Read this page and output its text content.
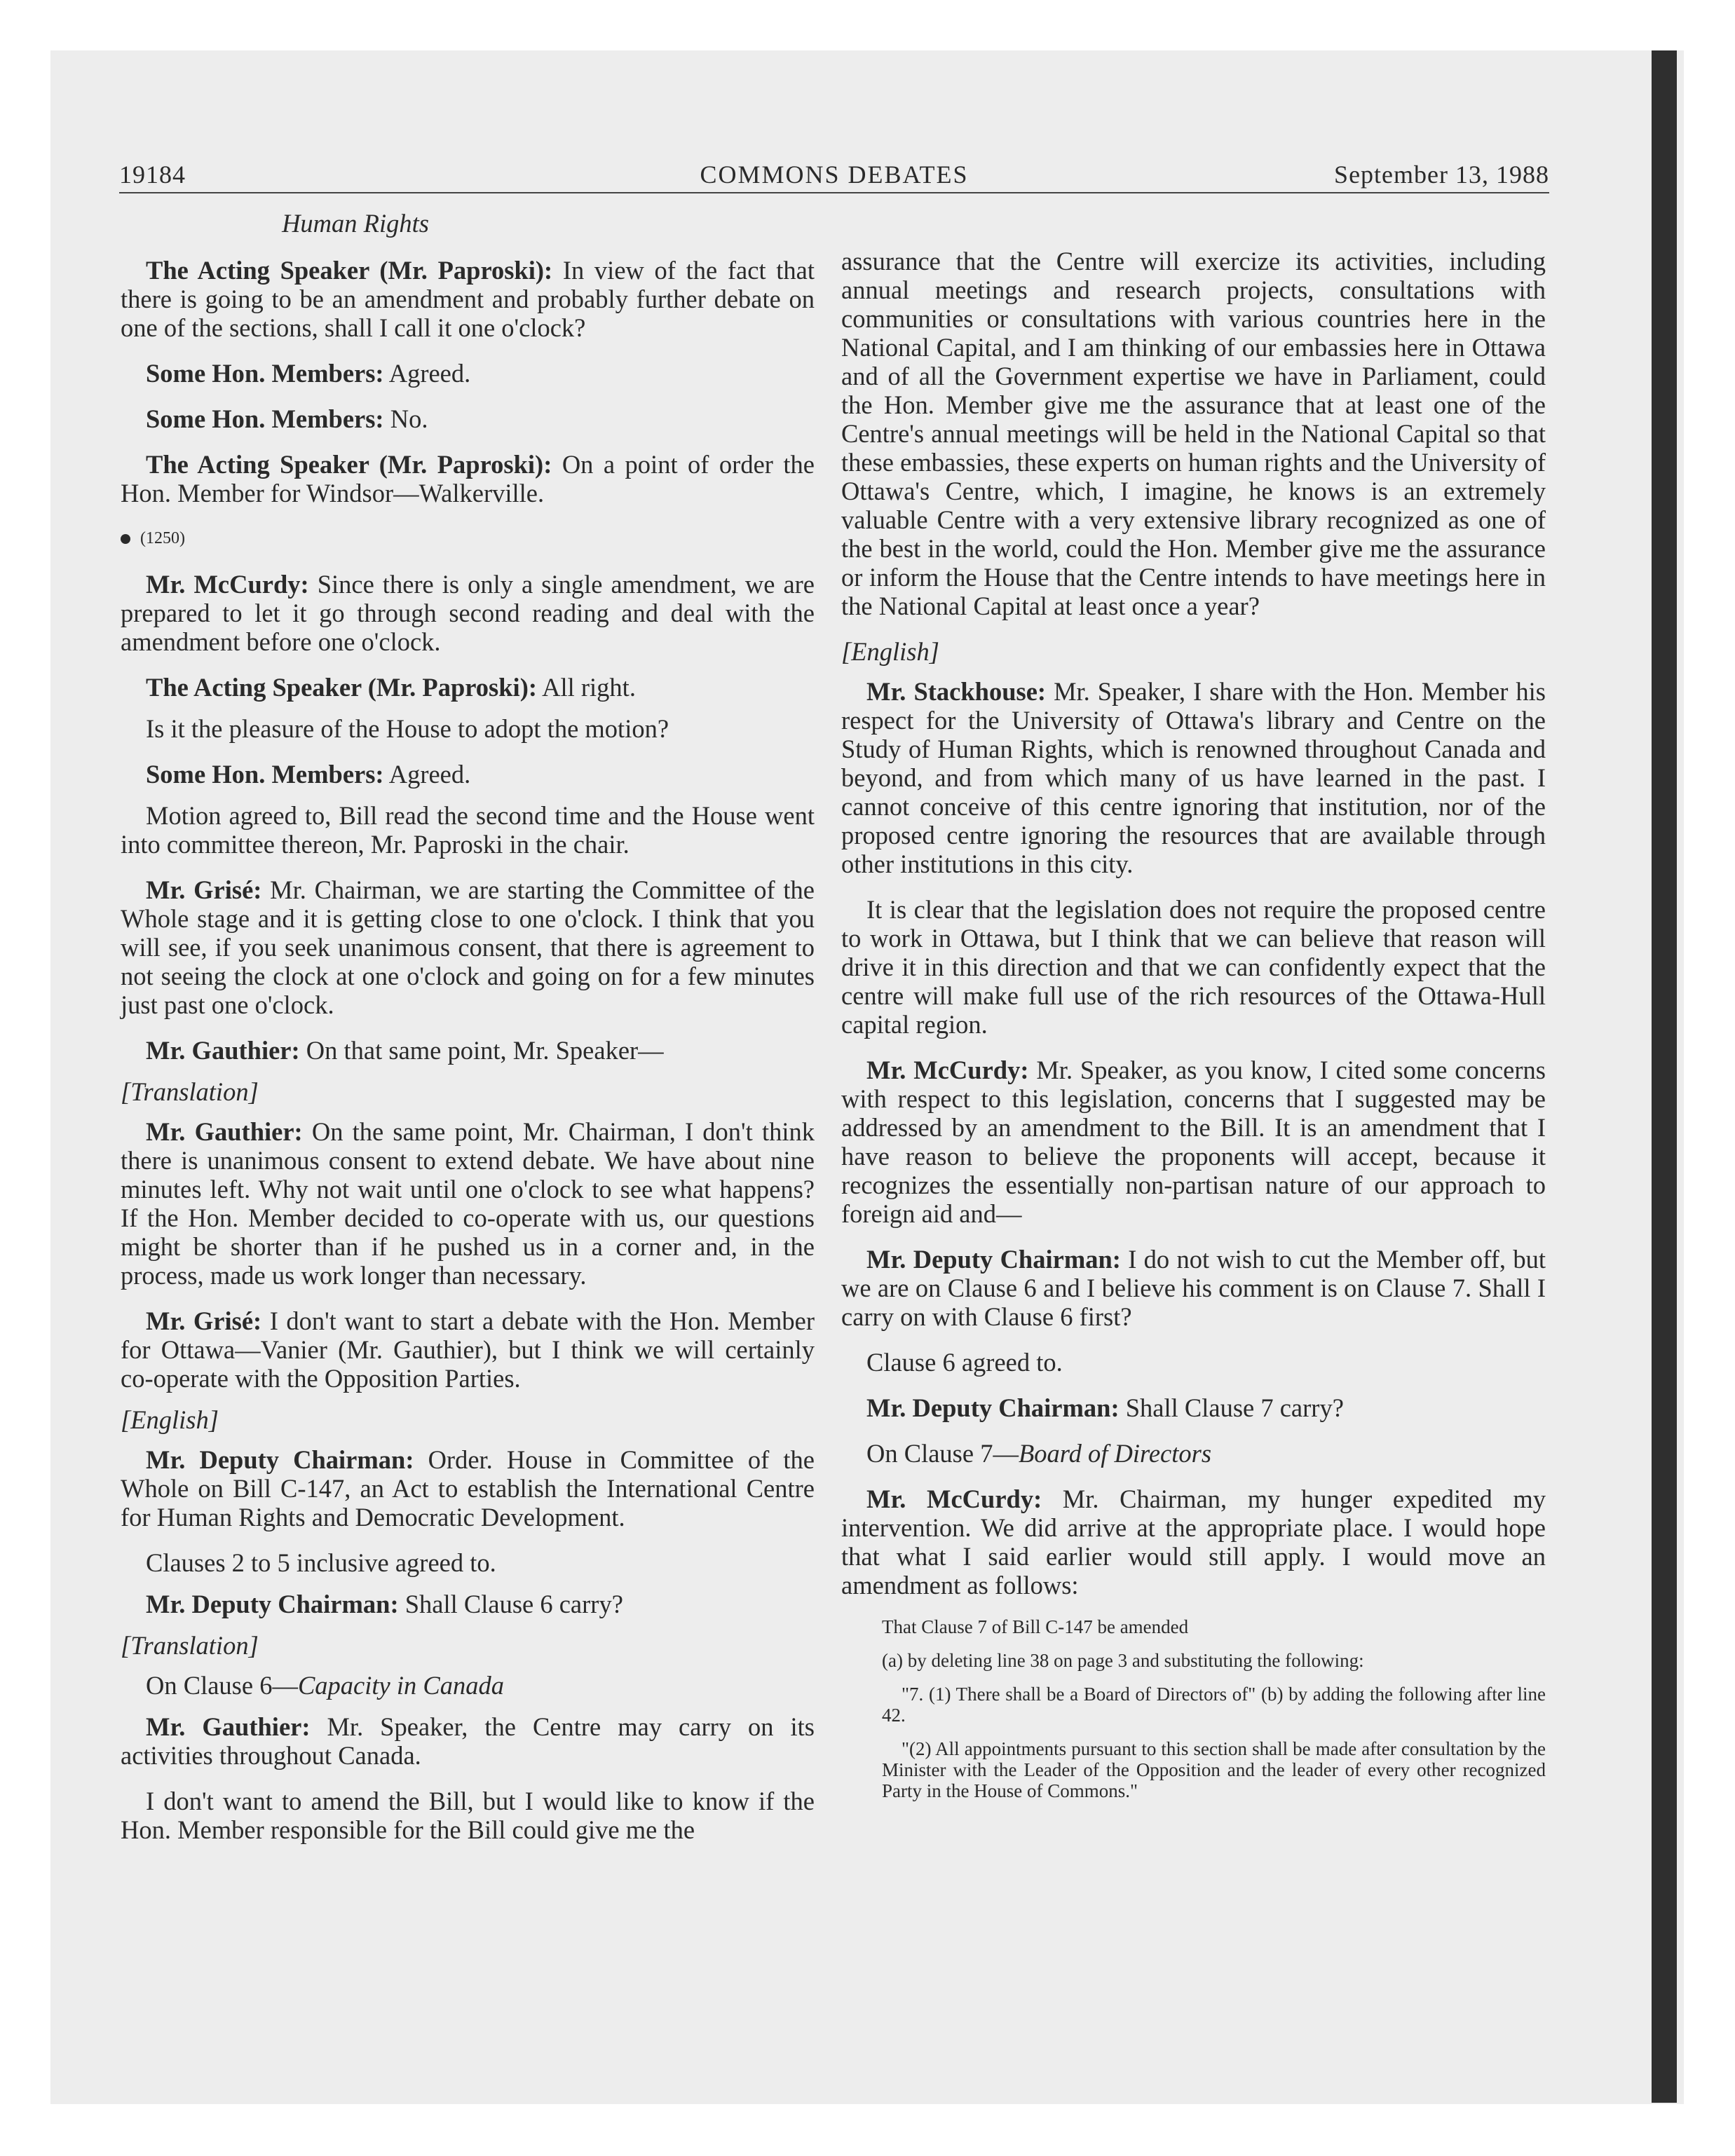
19184	COMMONS DEBATES	September 13, 1988
Human Rights

The Acting Speaker (Mr. Paproski): In view of the fact that there is going to be an amendment and probably further debate on one of the sections, shall I call it one o'clock?

Some Hon. Members: Agreed.

Some Hon. Members: No.

The Acting Speaker (Mr. Paproski): On a point of order the Hon. Member for Windsor—Walkerville.

(1250)

Mr. McCurdy: Since there is only a single amendment, we are prepared to let it go through second reading and deal with the amendment before one o'clock.

The Acting Speaker (Mr. Paproski): All right.

Is it the pleasure of the House to adopt the motion?

Some Hon. Members: Agreed.

Motion agreed to, Bill read the second time and the House went into committee thereon, Mr. Paproski in the chair.

Mr. Grisé: Mr. Chairman, we are starting the Committee of the Whole stage and it is getting close to one o'clock. I think that you will see, if you seek unanimous consent, that there is agreement to not seeing the clock at one o'clock and going on for a few minutes just past one o'clock.

Mr. Gauthier: On that same point, Mr. Speaker—

[Translation]

Mr. Gauthier: On the same point, Mr. Chairman, I don't think there is unanimous consent to extend debate. We have about nine minutes left. Why not wait until one o'clock to see what happens? If the Hon. Member decided to co-operate with us, our questions might be shorter than if he pushed us in a corner and, in the process, made us work longer than necessary.

Mr. Grisé: I don't want to start a debate with the Hon. Member for Ottawa—Vanier (Mr. Gauthier), but I think we will certainly co-operate with the Opposition Parties.

[English]

Mr. Deputy Chairman: Order. House in Committee of the Whole on Bill C-147, an Act to establish the International Centre for Human Rights and Democratic Development.

Clauses 2 to 5 inclusive agreed to.

Mr. Deputy Chairman: Shall Clause 6 carry?

[Translation]

On Clause 6—Capacity in Canada

Mr. Gauthier: Mr. Speaker, the Centre may carry on its activities throughout Canada.

I don't want to amend the Bill, but I would like to know if the Hon. Member responsible for the Bill could give me the

assurance that the Centre will exercize its activities, including annual meetings and research projects, consultations with communities or consultations with various countries here in the National Capital, and I am thinking of our embassies here in Ottawa and of all the Government expertise we have in Parliament, could the Hon. Member give me the assurance that at least one of the Centre's annual meetings will be held in the National Capital so that these embassies, these experts on human rights and the University of Ottawa's Centre, which, I imagine, he knows is an extremely valuable Centre with a very extensive library recognized as one of the best in the world, could the Hon. Member give me the assurance or inform the House that the Centre intends to have meetings here in the National Capital at least once a year?

[English]

Mr. Stackhouse: Mr. Speaker, I share with the Hon. Member his respect for the University of Ottawa's library and Centre on the Study of Human Rights, which is renowned throughout Canada and beyond, and from which many of us have learned in the past. I cannot conceive of this centre ignoring that institution, nor of the proposed centre ignoring the resources that are available through other institutions in this city.

It is clear that the legislation does not require the proposed centre to work in Ottawa, but I think that we can believe that reason will drive it in this direction and that we can confidently expect that the centre will make full use of the rich resources of the Ottawa-Hull capital region.

Mr. McCurdy: Mr. Speaker, as you know, I cited some concerns with respect to this legislation, concerns that I suggested may be addressed by an amendment to the Bill. It is an amendment that I have reason to believe the proponents will accept, because it recognizes the essentially non-partisan nature of our approach to foreign aid and—

Mr. Deputy Chairman: I do not wish to cut the Member off, but we are on Clause 6 and I believe his comment is on Clause 7. Shall I carry on with Clause 6 first?

Clause 6 agreed to.

Mr. Deputy Chairman: Shall Clause 7 carry?

On Clause 7—Board of Directors

Mr. McCurdy: Mr. Chairman, my hunger expedited my intervention. We did arrive at the appropriate place. I would hope that what I said earlier would still apply. I would move an amendment as follows:

That Clause 7 of Bill C-147 be amended

(a) by deleting line 38 on page 3 and substituting the following:

"7. (1) There shall be a Board of Directors of" (b) by adding the following after line 42.

"(2) All appointments pursuant to this section shall be made after consultation by the Minister with the Leader of the Opposition and the leader of every other recognized Party in the House of Commons."
